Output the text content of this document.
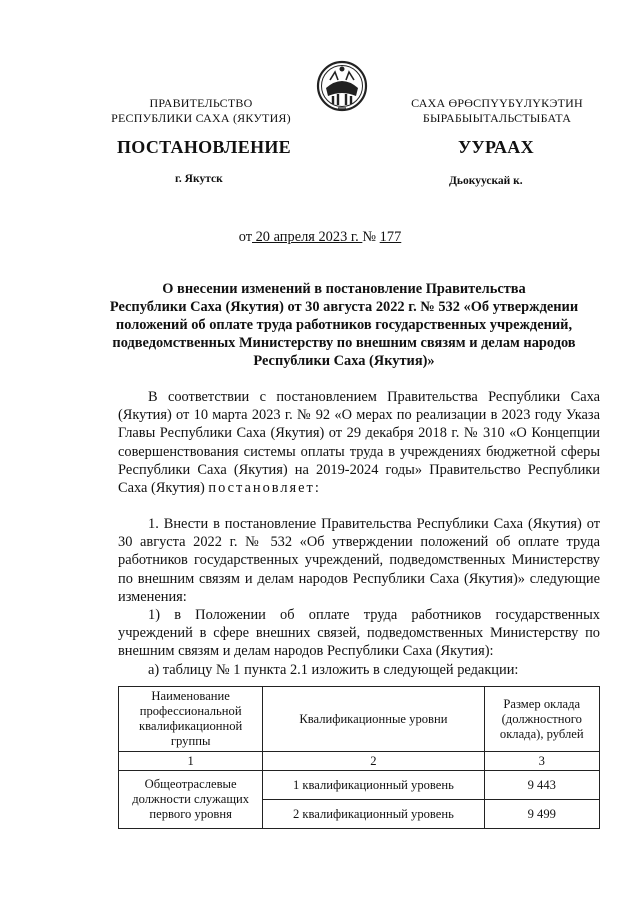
ПРАВИТЕЛЬСТВО
РЕСПУБЛИКИ САХА (ЯКУТИЯ)
САХА ӨРӨСПҮҮБҮЛҮКЭТИН
БЫРАБЫЫТАЛЬСТЫБАТА
ПОСТАНОВЛЕНИЕ	УУРААХ
г. Якутск	Дьокуускай к.
от 20 апреля 2023 г. № 177
О внесении изменений в постановление Правительства
Республики Саха (Якутия) от 30 августа 2022 г. № 532 «Об утверждении
положений об оплате труда работников государственных учреждений,
подведомственных Министерству по внешним связям и делам народов
Республики Саха (Якутия)»
В соответствии с постановлением Правительства Республики Саха (Якутия) от 10 марта 2023 г. № 92 «О мерах по реализации в 2023 году Указа Главы Республики Саха (Якутия) от 29 декабря 2018 г. № 310 «О Концепции совершенствования системы оплаты труда в учреждениях бюджетной сферы Республики Саха (Якутия) на 2019-2024 годы» Правительство Республики Саха (Якутия) постановляет:
1. Внести в постановление Правительства Республики Саха (Якутия) от 30 августа 2022 г. № 532 «Об утверждении положений об оплате труда работников государственных учреждений, подведомственных Министерству по внешним связям и делам народов Республики Саха (Якутия)» следующие изменения:
1) в Положении об оплате труда работников государственных учреждений в сфере внешних связей, подведомственных Министерству по внешним связям и делам народов Республики Саха (Якутия):
а) таблицу № 1 пункта 2.1 изложить в следующей редакции:
Наименование профессиональной квалификационной группы	Квалификационные уровни	Размер оклада (должностного оклада), рублей
1	2	3
Общеотраслевые должности служащих первого уровня	1 квалификационный уровень	9 443
	2 квалификационный уровень	9 499
